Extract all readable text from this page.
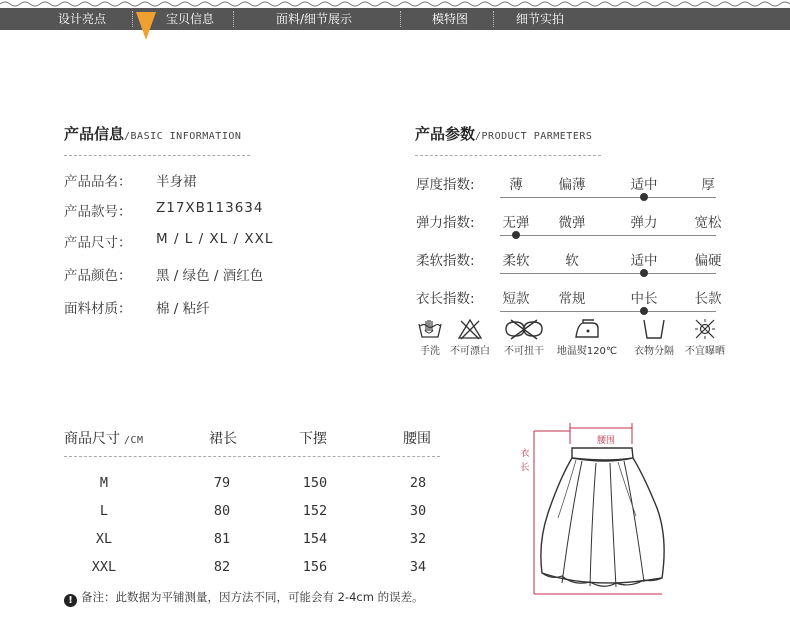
设计亮点	宝贝信息	面料/细节展示	模特图	细节实拍
产品信息/BASIC INFORMATION
产品品名： 半身裙
产品款号： Z17XB113634
产品尺寸： M / L / XL / XXL
产品颜色： 黑 / 绿色 / 酒红色
面料材质： 棉 / 粘纤
产品参数/PRODUCT PARMETERS
厚度指数:	薄	偏薄	适中	厚
弹力指数: 无弹 微弹	弹力	宽松
柔软指数: 柔软	软	适中	偏硬
衣长指数: 短款 常规	中长	长款
手洗	不可漂白	不可扭干	地温熨120℃	衣物分隔	不宜曝晒
商品尺寸 /CM	裙长	下摆	腰围
M	79	150	28
L	80	152	30
XL	81	154	32
XXL	82	156	34
腰围
衣
长
! 备注：此数据为平铺测量，因方法不同，可能会有 2-4cm 的误差。
